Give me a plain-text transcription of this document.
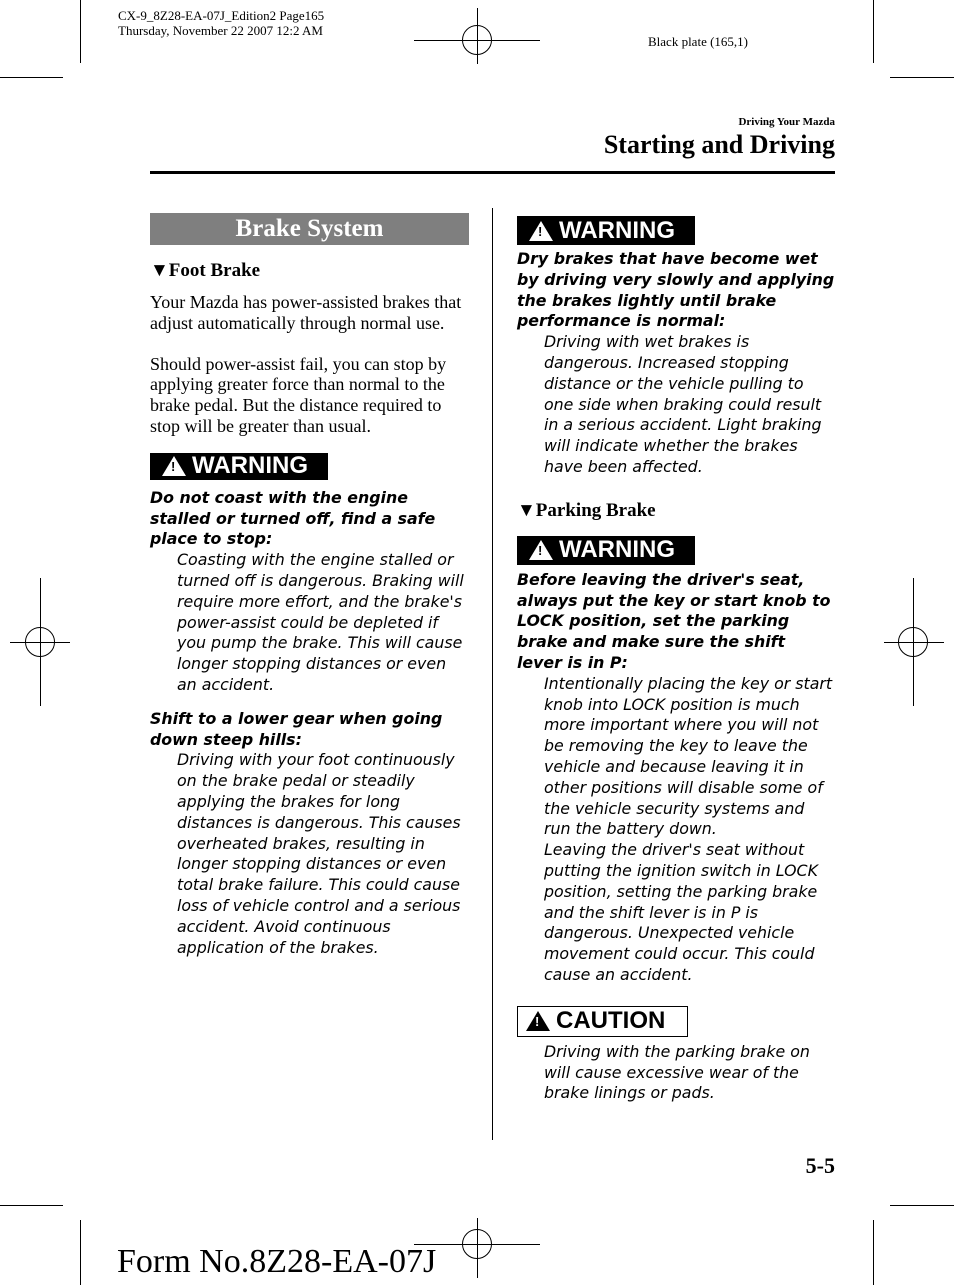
CX-9_8Z28-EA-07J_Edition2 Page165
Thursday, November 22 2007 12:2 AM
Black plate (165,1)
Driving Your Mazda
Starting and Driving
Brake System
▼Foot Brake
Your Mazda has power-assisted brakes that adjust automatically through normal use.
Should power-assist fail, you can stop by applying greater force than normal to the brake pedal. But the distance required to stop will be greater than usual.
! WARNING
Do not coast with the engine stalled or turned off, find a safe place to stop:
Coasting with the engine stalled or turned off is dangerous. Braking will require more effort, and the brake's power-assist could be depleted if you pump the brake. This will cause longer stopping distances or even an accident.
Shift to a lower gear when going down steep hills:
Driving with your foot continuously on the brake pedal or steadily applying the brakes for long distances is dangerous. This causes overheated brakes, resulting in longer stopping distances or even total brake failure. This could cause loss of vehicle control and a serious accident. Avoid continuous application of the brakes.
! WARNING
Dry brakes that have become wet by driving very slowly and applying the brakes lightly until brake performance is normal:
Driving with wet brakes is dangerous. Increased stopping distance or the vehicle pulling to one side when braking could result in a serious accident. Light braking will indicate whether the brakes have been affected.
▼Parking Brake
! WARNING
Before leaving the driver's seat, always put the key or start knob to LOCK position, set the parking brake and make sure the shift lever is in P:
Intentionally placing the key or start knob into LOCK position is much more important where you will not be removing the key to leave the vehicle and because leaving it in other positions will disable some of the vehicle security systems and run the battery down.
Leaving the driver's seat without putting the ignition switch in LOCK position, setting the parking brake and the shift lever is in P is dangerous. Unexpected vehicle movement could occur. This could cause an accident.
! CAUTION
Driving with the parking brake on will cause excessive wear of the brake linings or pads.
5-5
Form No.8Z28-EA-07J
